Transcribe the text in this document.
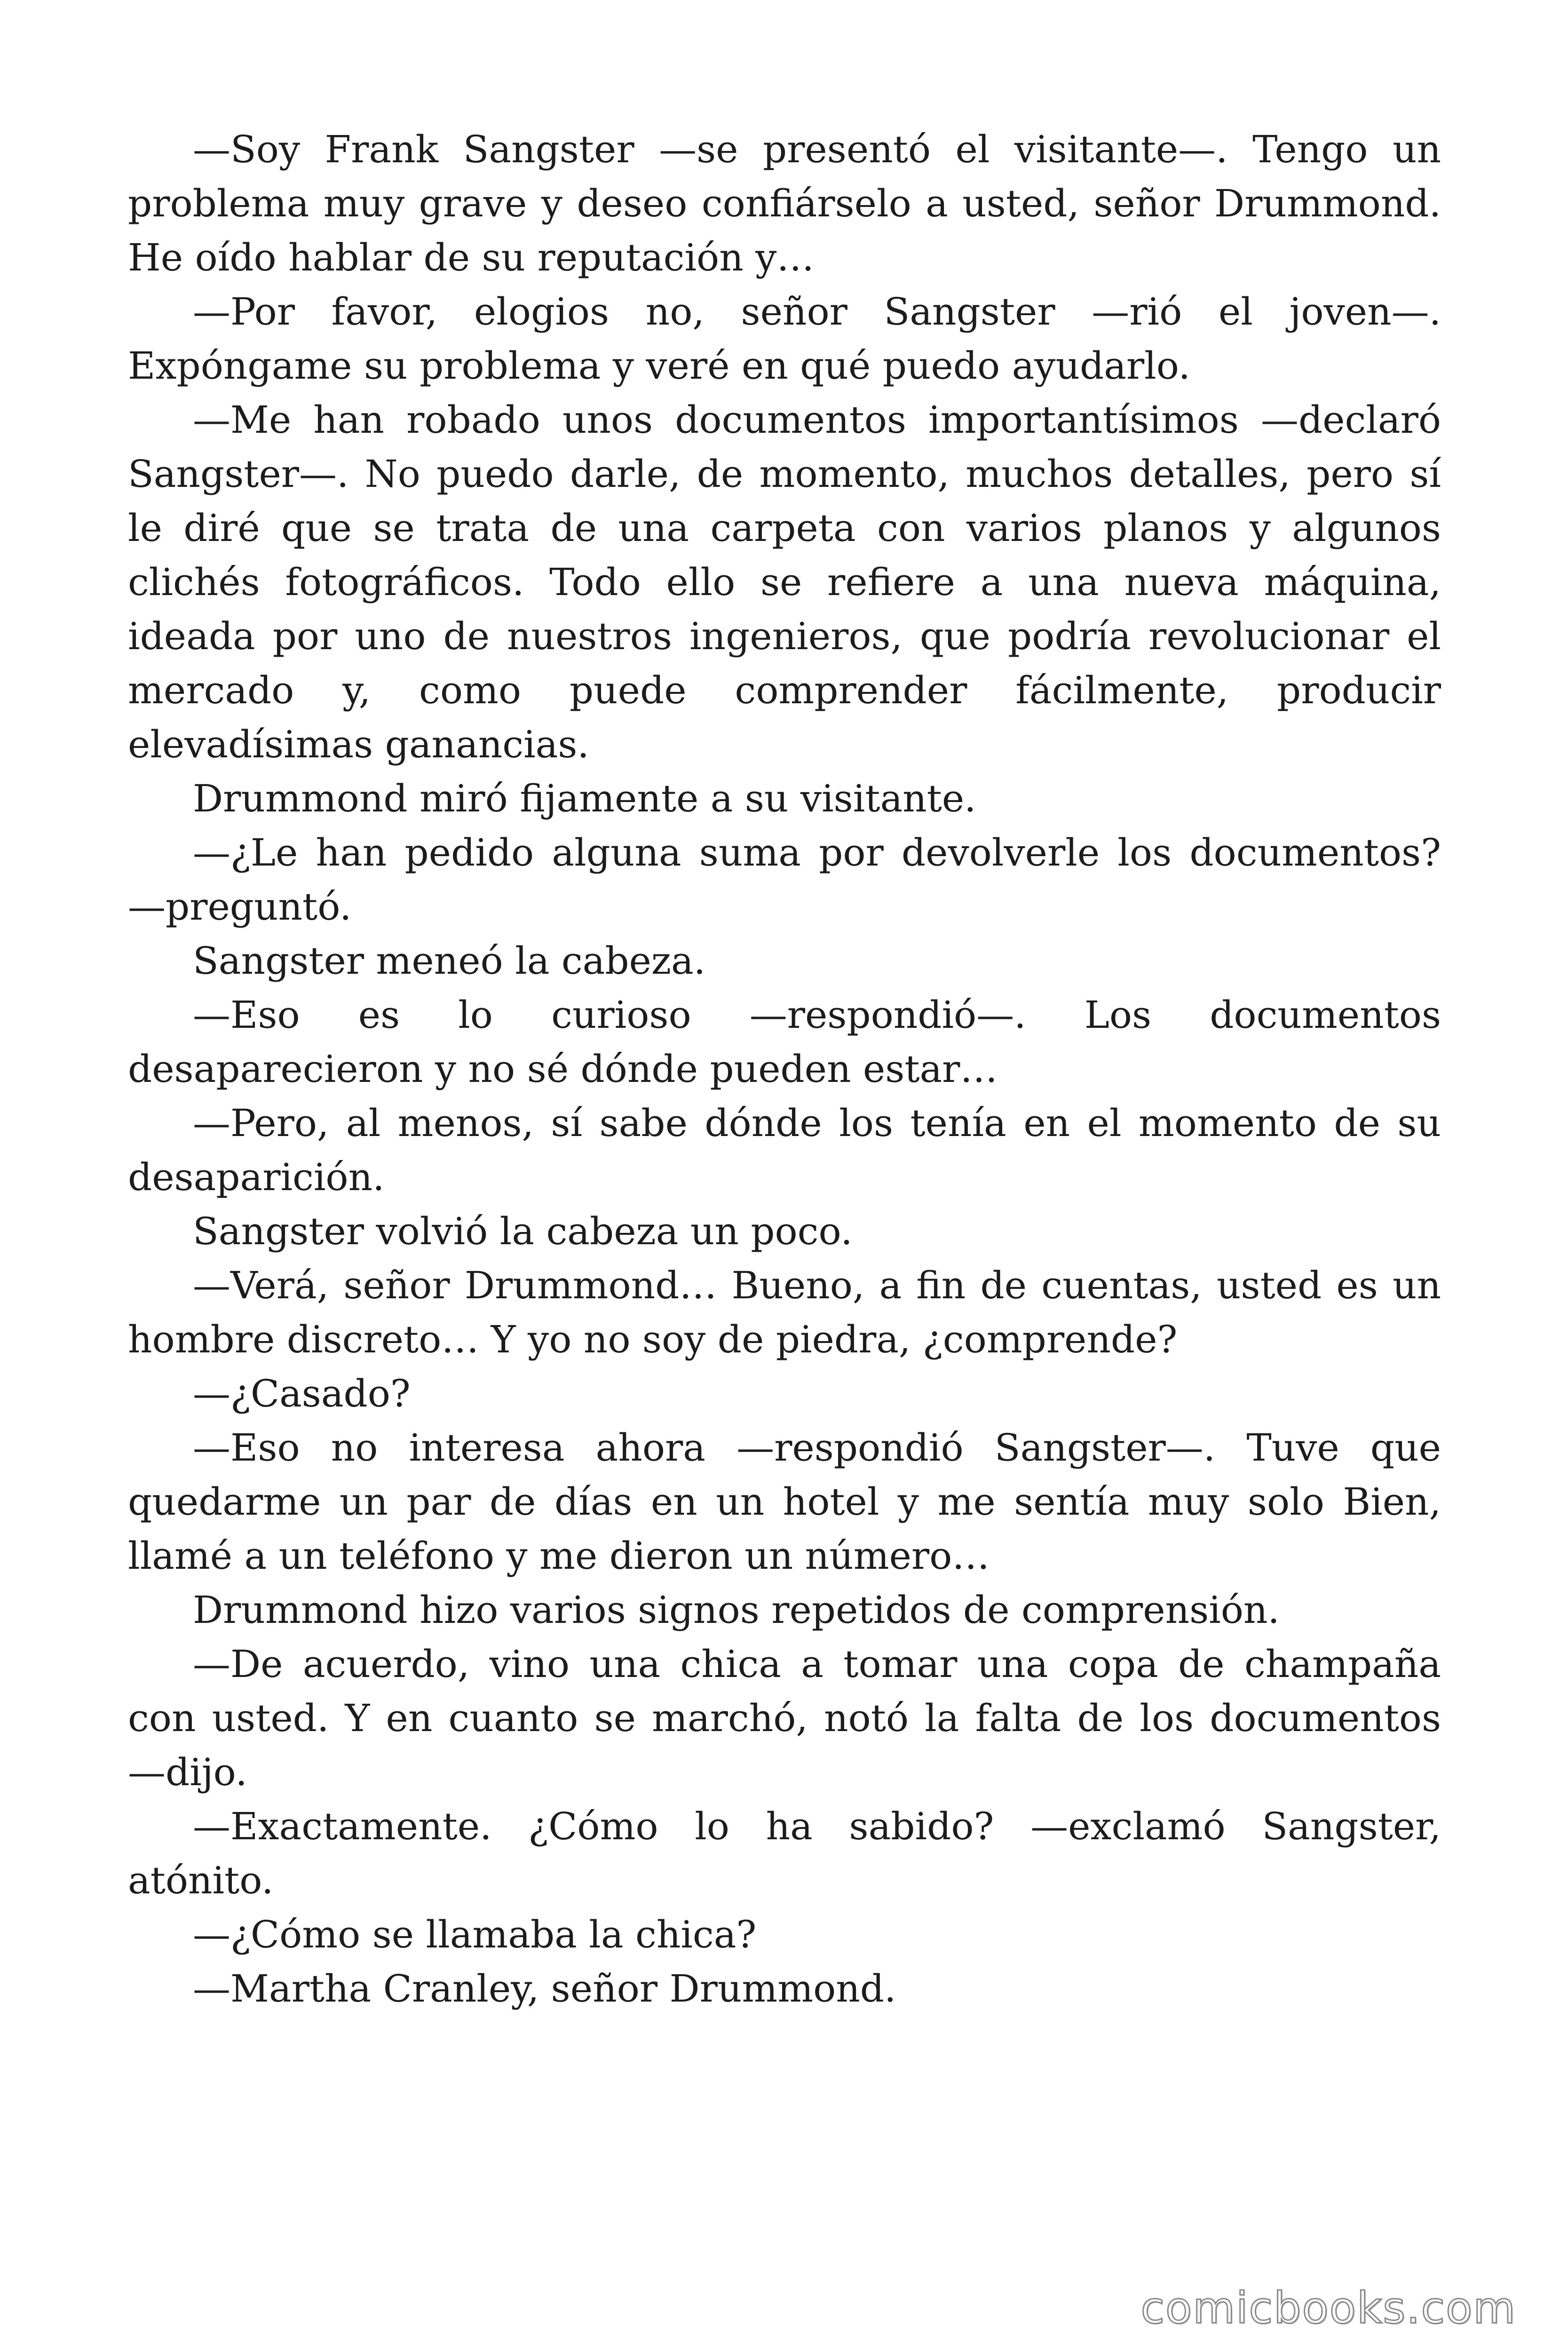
—Soy Frank Sangster —se presentó el visitante—. Tengo un problema muy grave y deseo confiárselo a usted, señor Drummond. He oído hablar de su reputación y…

—Por favor, elogios no, señor Sangster —rió el joven—. Expóngame su problema y veré en qué puedo ayudarlo.

—Me han robado unos documentos importantísimos —declaró Sangster—. No puedo darle, de momento, muchos detalles, pero sí le diré que se trata de una carpeta con varios planos y algunos clichés fotográficos. Todo ello se refiere a una nueva máquina, ideada por uno de nuestros ingenieros, que podría revolucionar el mercado y, como puede comprender fácilmente, producir elevadísimas ganancias.

Drummond miró fijamente a su visitante.

—¿Le han pedido alguna suma por devolverle los documentos? —preguntó.

Sangster meneó la cabeza.

—Eso es lo curioso —respondió—. Los documentos desaparecieron y no sé dónde pueden estar…

—Pero, al menos, sí sabe dónde los tenía en el momento de su desaparición.

Sangster volvió la cabeza un poco.

—Verá, señor Drummond… Bueno, a fin de cuentas, usted es un hombre discreto… Y yo no soy de piedra, ¿comprende?

—¿Casado?

—Eso no interesa ahora —respondió Sangster—. Tuve que quedarme un par de días en un hotel y me sentía muy solo Bien, llamé a un teléfono y me dieron un número…

Drummond hizo varios signos repetidos de comprensión.

—De acuerdo, vino una chica a tomar una copa de champaña con usted. Y en cuanto se marchó, notó la falta de los documentos —dijo.

—Exactamente. ¿Cómo lo ha sabido? —exclamó Sangster, atónito.

—¿Cómo se llamaba la chica?

—Martha Cranley, señor Drummond.

comicbooks.com
